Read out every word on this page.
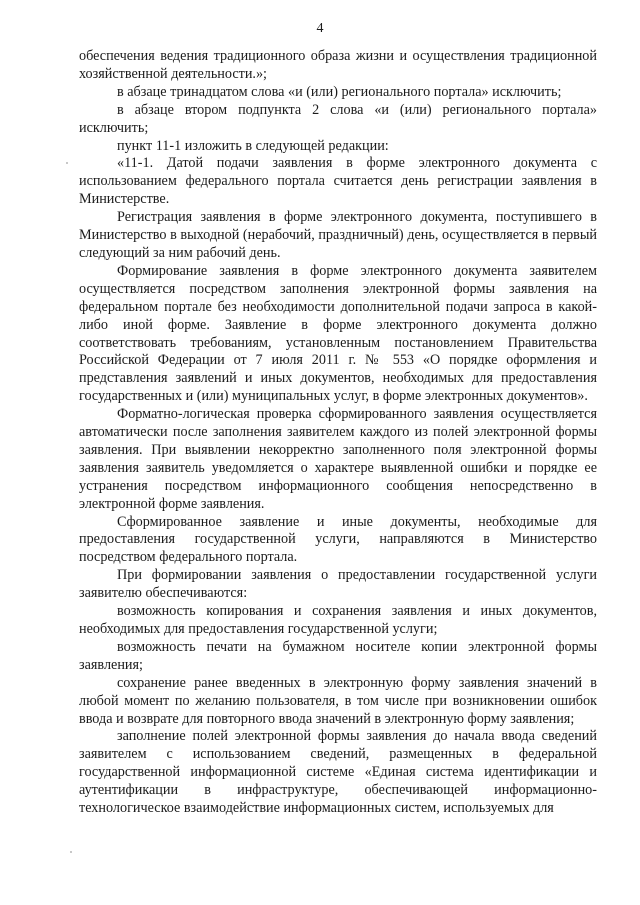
4

обеспечения ведения традиционного образа жизни и осуществления традиционной хозяйственной деятельности.»;

в абзаце тринадцатом слова «и (или) регионального портала» исключить;

в абзаце втором подпункта 2 слова «и (или) регионального портала» исключить;

пункт 11-1 изложить в следующей редакции:

«11-1. Датой подачи заявления в форме электронного документа с использованием федерального портала считается день регистрации заявления в Министерстве.

Регистрация заявления в форме электронного документа, поступившего в Министерство в выходной (нерабочий, праздничный) день, осуществляется в первый следующий за ним рабочий день.

Формирование заявления в форме электронного документа заявителем осуществляется посредством заполнения электронной формы заявления на федеральном портале без необходимости дополнительной подачи запроса в какой-либо иной форме. Заявление в форме электронного документа должно соответствовать требованиям, установленным постановлением Правительства Российской Федерации от 7 июля 2011 г. № 553 «О порядке оформления и представления заявлений и иных документов, необходимых для предоставления государственных и (или) муниципальных услуг, в форме электронных документов».

Форматно-логическая проверка сформированного заявления осуществляется автоматически после заполнения заявителем каждого из полей электронной формы заявления. При выявлении некорректно заполненного поля электронной формы заявления заявитель уведомляется о характере выявленной ошибки и порядке ее устранения посредством информационного сообщения непосредственно в электронной форме заявления.

Сформированное заявление и иные документы, необходимые для предоставления государственной услуги, направляются в Министерство посредством федерального портала.

При формировании заявления о предоставлении государственной услуги заявителю обеспечиваются:

возможность копирования и сохранения заявления и иных документов, необходимых для предоставления государственной услуги;

возможность печати на бумажном носителе копии электронной формы заявления;

сохранение ранее введенных в электронную форму заявления значений в любой момент по желанию пользователя, в том числе при возникновении ошибок ввода и возврате для повторного ввода значений в электронную форму заявления;

заполнение полей электронной формы заявления до начала ввода сведений заявителем с использованием сведений, размещенных в федеральной государственной информационной системе «Единая система идентификации и аутентификации в инфраструктуре, обеспечивающей информационно-технологическое взаимодействие информационных систем, используемых для
